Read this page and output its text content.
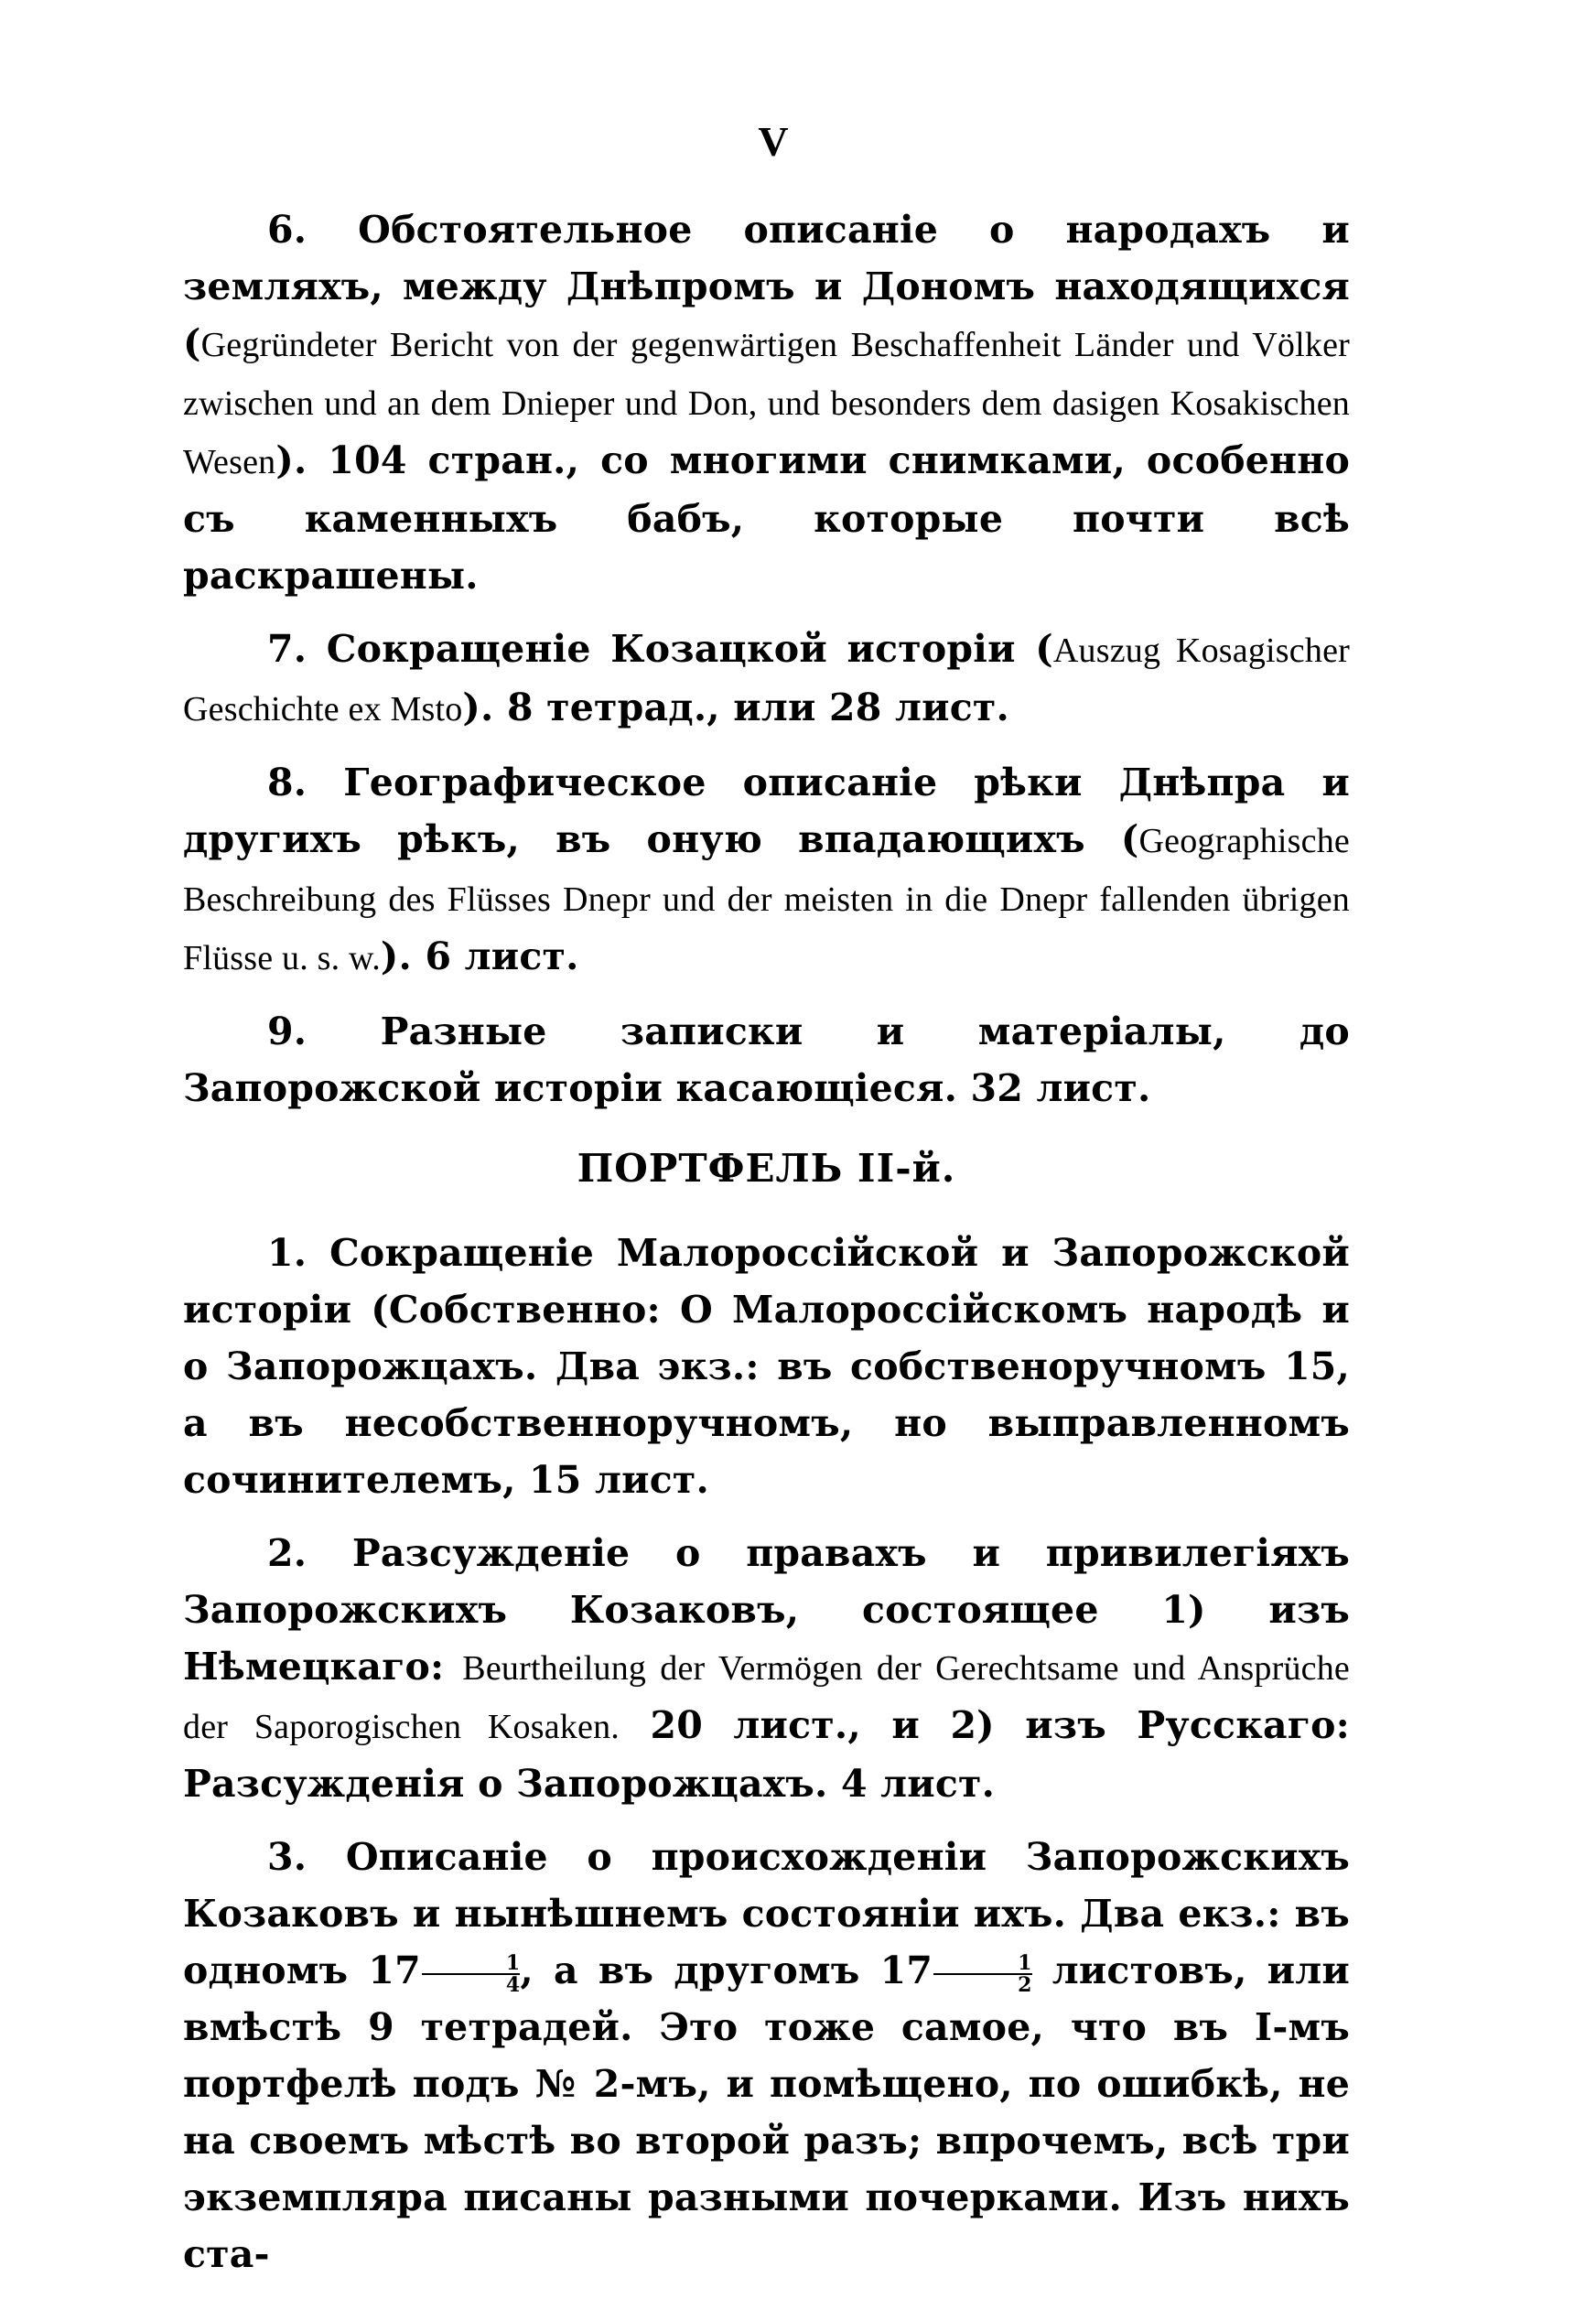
V

6. Обстоятельное описаніе о народахъ и земляхъ, между Днѣпромъ и Дономъ находящихся (Gegründeter Bericht von der gegenwärtigen Beschaffenheit Länder und Völker zwischen und an dem Dnieper und Don, und besonders dem dasigen Kosakischen Wesen). 104 стран., со многими снимками, особенно съ каменныхъ бабъ, которые почти всѣ раскрашены.

7. Сокращеніе Козацкой исторіи (Auszug Kosagischer Geschichte ex Msto). 8 тетрад., или 28 лист.

8. Географическое описаніе рѣки Днѣпра и другихъ рѣкъ, въ оную впадающихъ (Geographische Beschreibung des Flüsses Dnepr und der meisten in die Dnepr fallenden übrigen Flüsse u. s. w.). 6 лист.

9. Разные записки и матеріалы, до Запорожской исторіи касающіеся. 32 лист.

ПОРТФЕЛЬ II-й.

1. Сокращеніе Малороссійской и Запорожской исторіи (Собственно: О Малороссійскомъ народѣ и о Запорожцахъ. Два экз.: въ собственоручномъ 15, а въ несобственноручномъ, но выправленномъ сочинителемъ, 15 лист.

2. Разсужденіе о правахъ и привилегіяхъ Запорожскихъ Козаковъ, состоящее 1) изъ Нѣмецкаго: Beurtheilung der Vermögen der Gerechtsame und Ansprüche der Saporogischen Kosaken. 20 лист., и 2) изъ Русскаго: Разсужденія о Запорожцахъ. 4 лист.

3. Описаніе о происхожденіи Запорожскихъ Козаковъ и нынѣшнемъ состояніи ихъ. Два екз.: въ одномъ $17 \frac{1}{4}$ , а въ другомъ $17 \frac{1}{2}$ листовъ, или вмѣстѣ 9 тетрадей. Это тоже самое, что въ I-мъ портфелѣ подъ № 2-мъ, и помѣщено, по ошибкѣ, не на своемъ мѣстѣ во второй разъ; впрочемъ, всѣ три экземпляра писаны разными почерками. Изъ нихъ ста-
